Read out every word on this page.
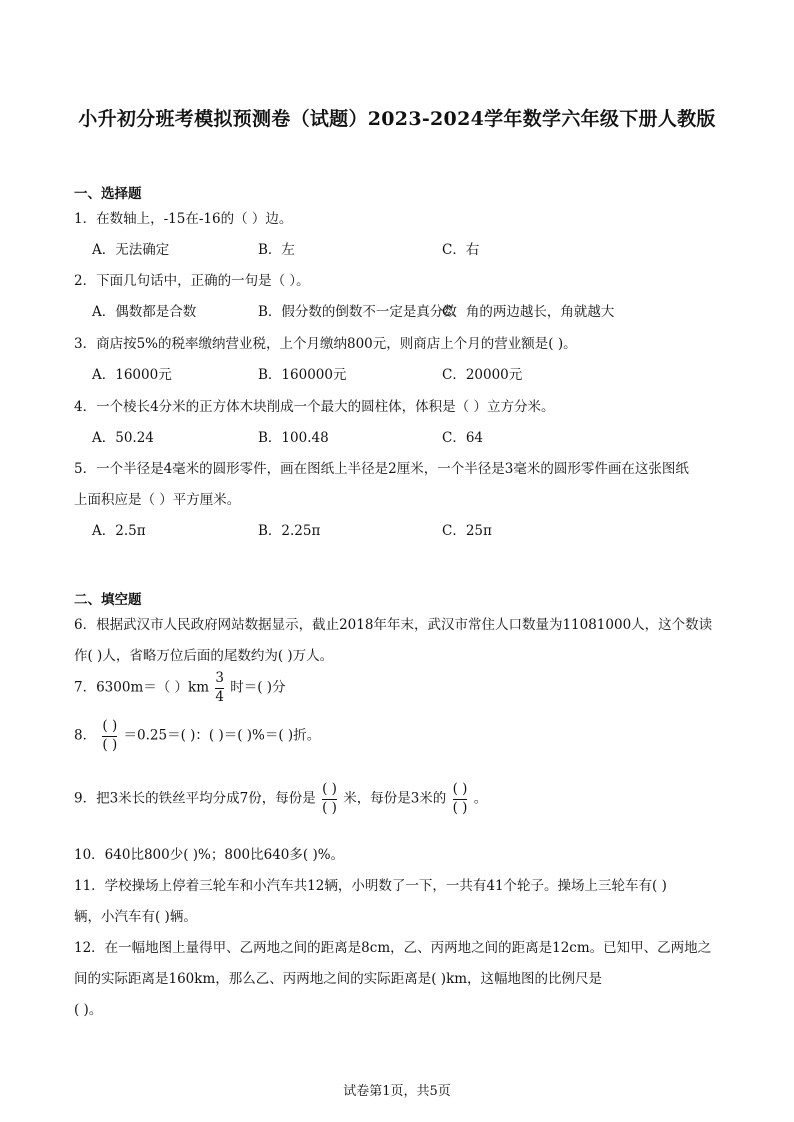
小升初分班考模拟预测卷（试题）2023-2024学年数学六年级下册人教版
一、选择题
1．在数轴上，-15在-16的（ ）边。
A．无法确定	B．左	C．右
2．下面几句话中，正确的一句是（ ）。
A．偶数都是合数	B．假分数的倒数不一定是真分数
C．角的两边越长，角就越大
3．商店按5%的税率缴纳营业税，上个月缴纳800元，则商店上个月的营业额是( )。
A．16000元	B．160000元	C．20000元
4．一个棱长4分米的正方体木块削成一个最大的圆柱体，体积是（ ）立方分米。
A．50.24	B．100.48	C．64
5．一个半径是4毫米的圆形零件，画在图纸上半径是2厘米，一个半径是3毫米的圆形零件画在这张图纸
上面积应是（ ）平方厘米。
A．2.5π	B．2.25π	C．25π
二、填空题
6．根据武汉市人民政府网站数据显示，截止2018年年末，武汉市常住人口数量为11081000人，这个数读
作( )人，省略万位后面的尾数约为( )万人。
7．6300m＝（ ）$km \frac{3}{4}$ 时＝( )分
8． $\frac{( )}{( )} =0.25=$( )：( )＝( )%＝( )折。
9．把3米长的铁丝平均分成7份，每份是 $\frac{( )}{( )}$ 米，每份是3米的 $\frac{( )}{( )}$ 。
10．640比800少( )%；800比640多( )%。
11．学校操场上停着三轮车和小汽车共12辆，小明数了一下，一共有41个轮子。操场上三轮车有( )
辆，小汽车有( )辆。
12．在一幅地图上量得甲、乙两地之间的距离是8cm，乙、丙两地之间的距离是12cm。已知甲、乙两地之
间的实际距离是160km，那么乙、丙两地之间的实际距离是( )km，这幅地图的比例尺是
( )。
试卷第1页，共5页
